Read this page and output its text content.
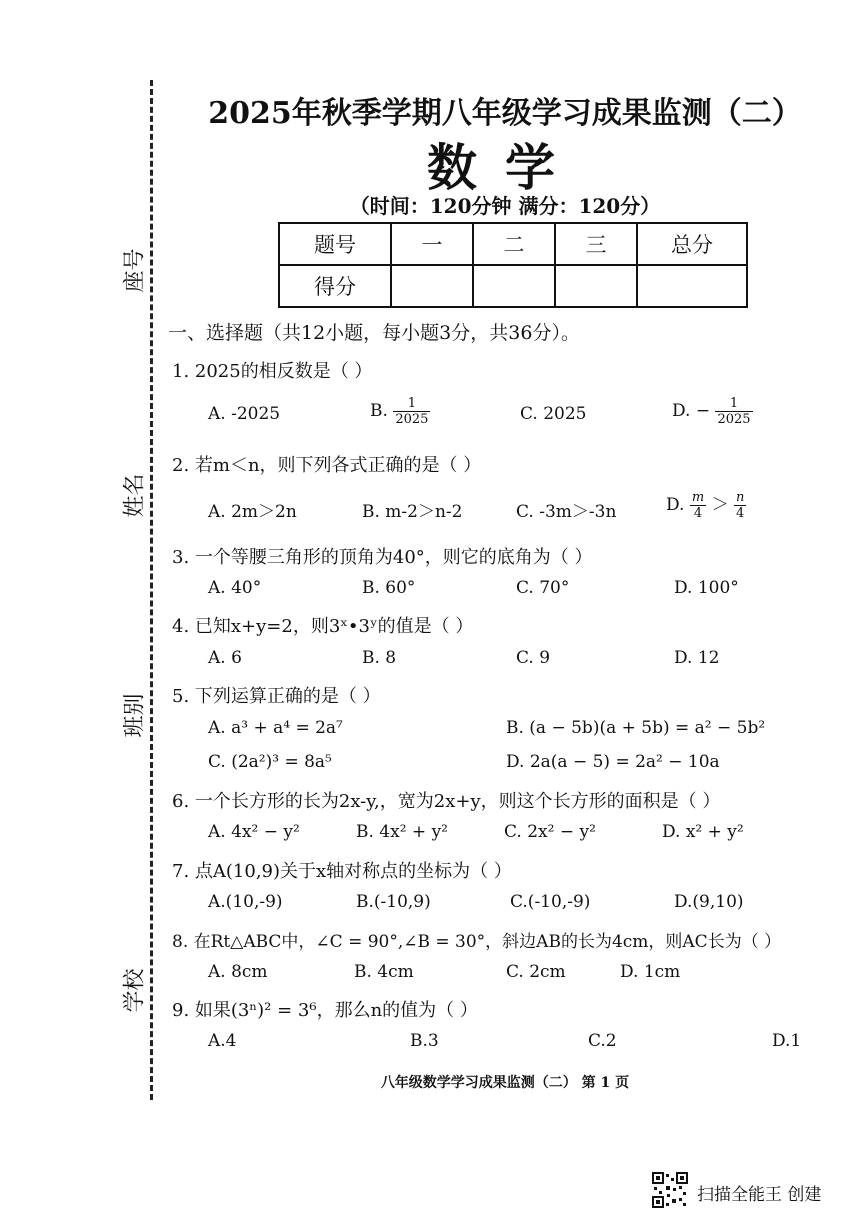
座号
姓名
班别
学校
2025年秋季学期八年级学习成果监测（二）
数学
（时间：120分钟 满分：120分）
题号	一	二	三	总分
得分				
一、选择题（共12小题，每小题3分，共36分）。
1. 2025的相反数是（ ）
A. -2025	B. $\frac{1}{2025}$	C. 2025	D. − $\frac{1}{2025}$
2. 若m＜n，则下列各式正确的是（ ）
A. 2m＞2n	B. m-2＞n-2	C. -3m＞-3n	D. $\frac{m}{4} > \frac{n}{4}$
3. 一个等腰三角形的顶角为40°，则它的底角为（ ）
A. 40°	B. 60°	C. 70°	D. 100°
4. 已知x+y=2，则3ˣ•3ʸ的值是（ ）
A. 6	B. 8	C. 9	D. 12
5. 下列运算正确的是（ ）
A. a³ + a⁴ = 2a⁷	B. (a − 5b)(a + 5b) = a² − 5b²
C. (2a²)³ = 8a⁵	D. 2a(a − 5) = 2a² − 10a
6. 一个长方形的长为2x-y,，宽为2x+y，则这个长方形的面积是（ ）
A. 4x² − y²	B. 4x² + y²	C. 2x² − y²	D. x² + y²
7. 点A(10,9)关于x轴对称点的坐标为（ ）
A.(10,-9)	B.(-10,9)	C.(-10,-9)	D.(9,10)
8. 在Rt△ABC中，∠C = 90°,∠B = 30°，斜边AB的长为4cm，则AC长为（ ）
A. 8cm	B. 4cm	C. 2cm	D. 1cm
9. 如果(3ⁿ)² = 3⁶，那么n的值为（ ）
A.4	B.3	C.2	D.1
八年级数学学习成果监测（二） 第 1 页
扫描全能王 创建
